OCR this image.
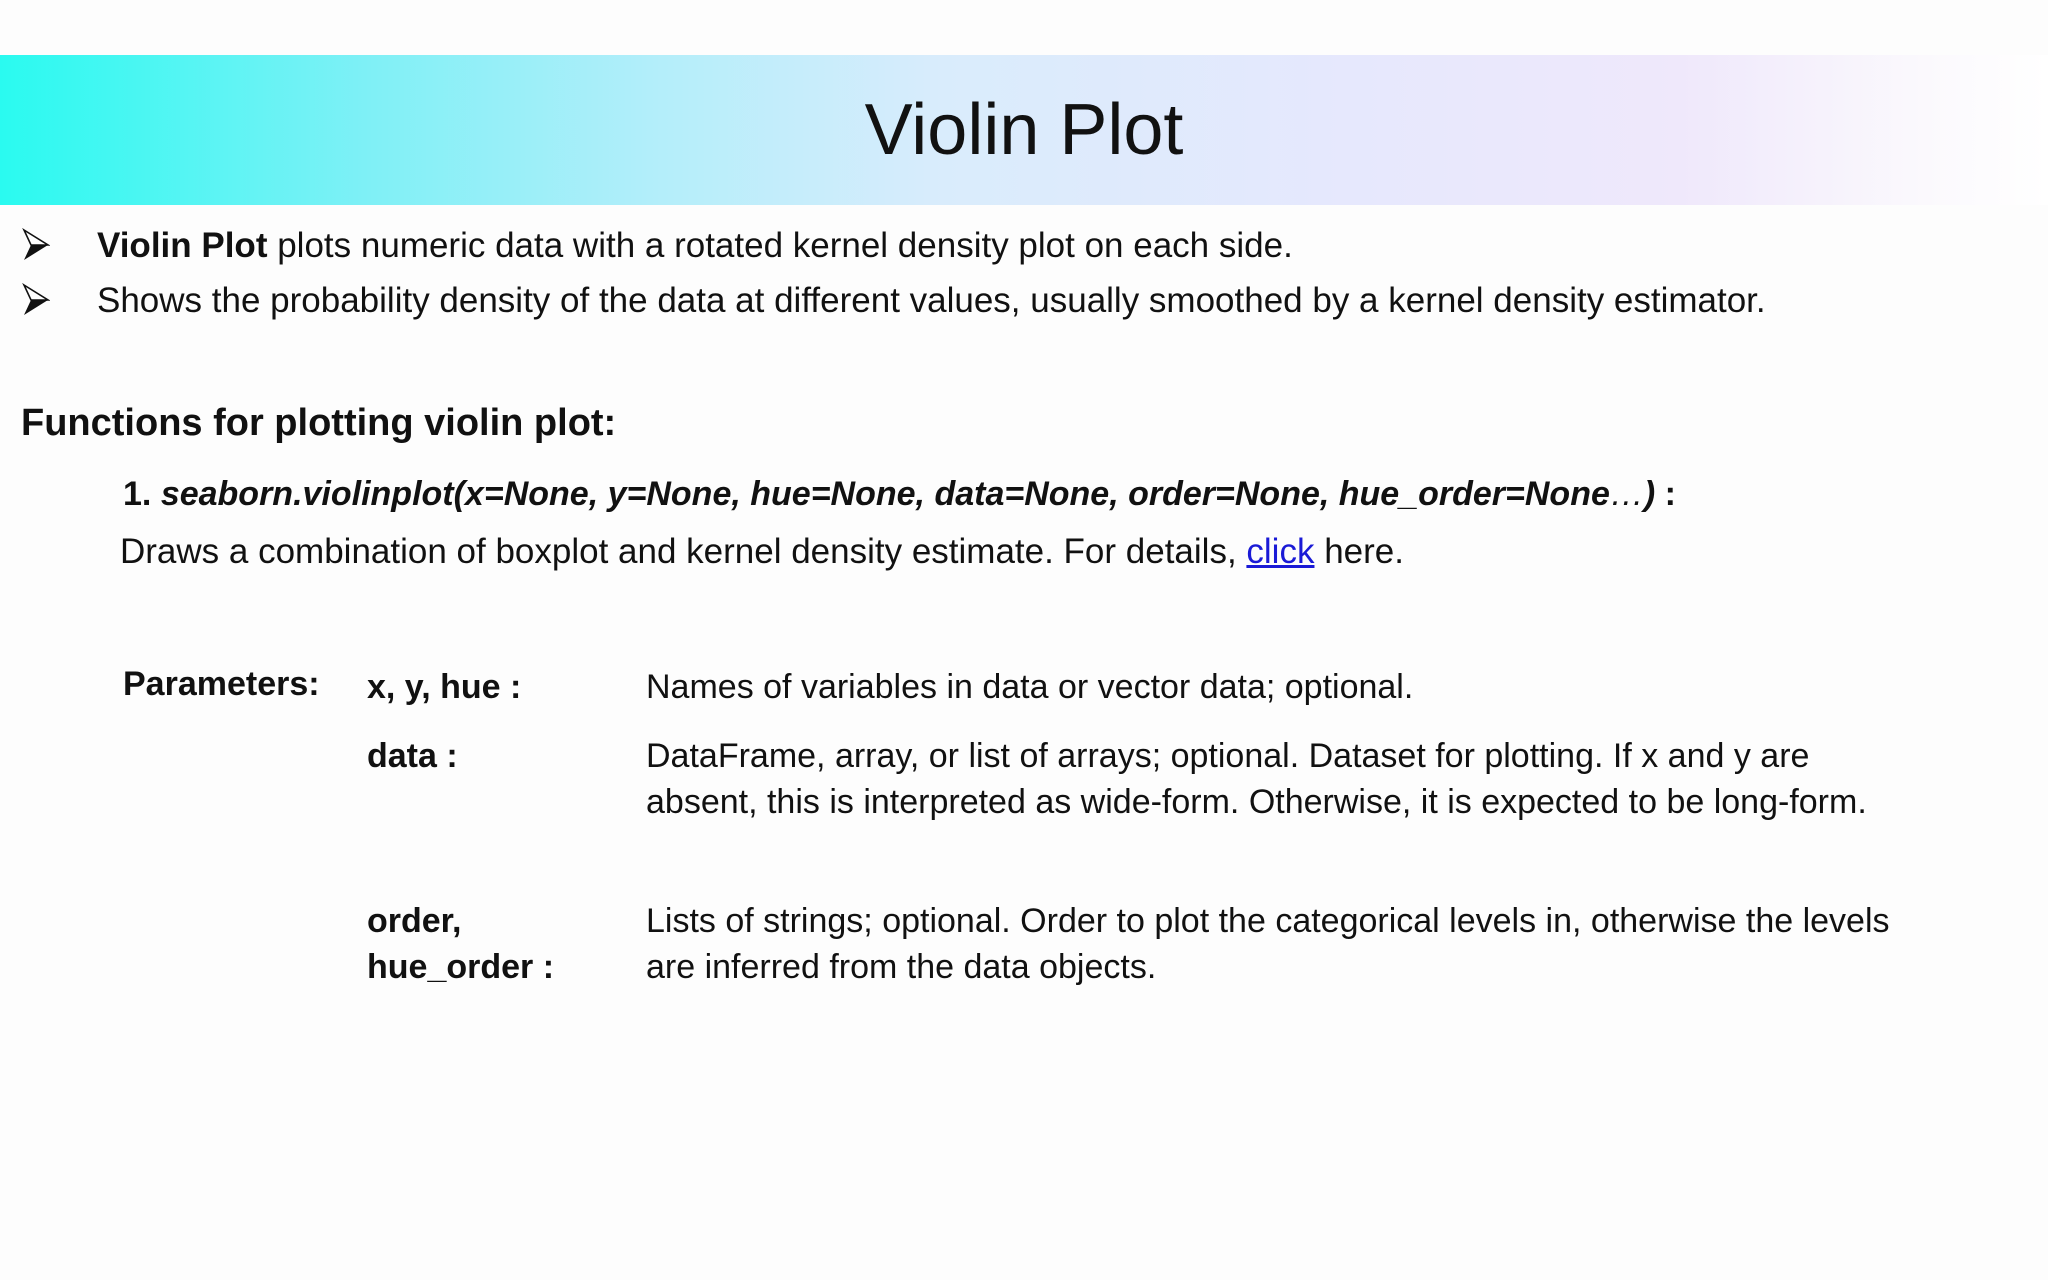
Violin Plot
Violin Plot plots numeric data with a rotated kernel density plot on each side.
Shows the probability density of the data at different values, usually smoothed by a kernel density estimator.
Functions for plotting violin plot:
1. seaborn.violinplot(x=None, y=None, hue=None, data=None, order=None, hue_order=None…) :
Draws a combination of boxplot and kernel density estimate. For details, click here.
Parameters: x, y, hue :	Names of variables in data or vector data; optional.
data :	DataFrame, array, or list of arrays; optional. Dataset for plotting. If x and y are absent, this is interpreted as wide-form. Otherwise, it is expected to be long-form.
order,
hue_order :
Lists of strings; optional. Order to plot the categorical levels in, otherwise the levels are inferred from the data objects.
